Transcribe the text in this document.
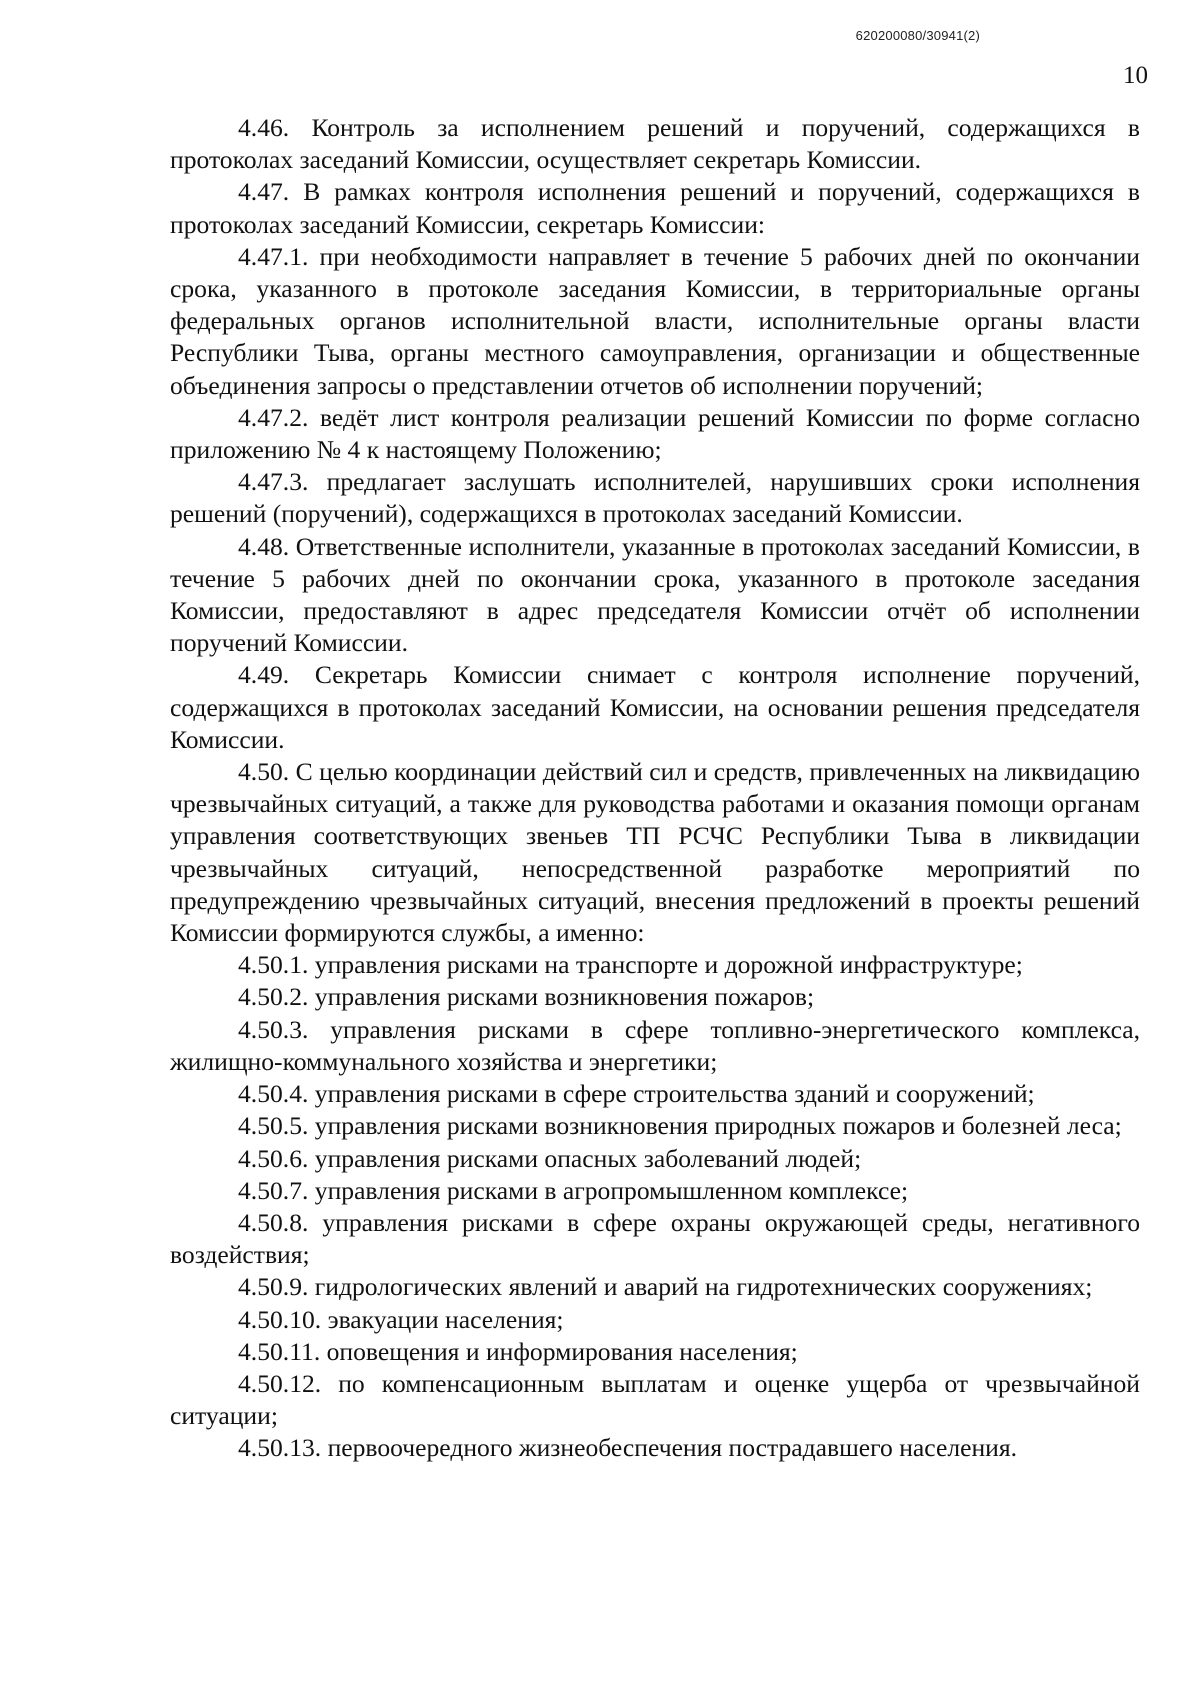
620200080/30941(2)
10

4.46. Контроль за исполнением решений и поручений, содержащихся в протоколах заседаний Комиссии, осуществляет секретарь Комиссии.

4.47. В рамках контроля исполнения решений и поручений, содержащихся в протоколах заседаний Комиссии, секретарь Комиссии:

4.47.1. при необходимости направляет в течение 5 рабочих дней по окончании срока, указанного в протоколе заседания Комиссии, в территориальные органы федеральных органов исполнительной власти, исполнительные органы власти Республики Тыва, органы местного самоуправления, организации и общественные объединения запросы о представлении отчетов об исполнении поручений;

4.47.2. ведёт лист контроля реализации решений Комиссии по форме согласно приложению № 4 к настоящему Положению;

4.47.3. предлагает заслушать исполнителей, нарушивших сроки исполнения решений (поручений), содержащихся в протоколах заседаний Комиссии.

4.48. Ответственные исполнители, указанные в протоколах заседаний Комиссии, в течение 5 рабочих дней по окончании срока, указанного в протоколе заседания Комиссии, предоставляют в адрес председателя Комиссии отчёт об исполнении поручений Комиссии.

4.49. Секретарь Комиссии снимает с контроля исполнение поручений, содержащихся в протоколах заседаний Комиссии, на основании решения председателя Комиссии.

4.50. С целью координации действий сил и средств, привлеченных на ликвидацию чрезвычайных ситуаций, а также для руководства работами и оказания помощи органам управления соответствующих звеньев ТП РСЧС Республики Тыва в ликвидации чрезвычайных ситуаций, непосредственной разработке мероприятий по предупреждению чрезвычайных ситуаций, внесения предложений в проекты решений Комиссии формируются службы, а именно:

4.50.1. управления рисками на транспорте и дорожной инфраструктуре;

4.50.2. управления рисками возникновения пожаров;

4.50.3. управления рисками в сфере топливно-энергетического комплекса, жилищно-коммунального хозяйства и энергетики;

4.50.4. управления рисками в сфере строительства зданий и сооружений;

4.50.5. управления рисками возникновения природных пожаров и болезней леса;

4.50.6. управления рисками опасных заболеваний людей;

4.50.7. управления рисками в агропромышленном комплексе;

4.50.8. управления рисками в сфере охраны окружающей среды, негативного воздействия;

4.50.9. гидрологических явлений и аварий на гидротехнических сооружениях;

4.50.10. эвакуации населения;

4.50.11. оповещения и информирования населения;

4.50.12. по компенсационным выплатам и оценке ущерба от чрезвычайной ситуации;

4.50.13. первоочередного жизнеобеспечения пострадавшего населения.
